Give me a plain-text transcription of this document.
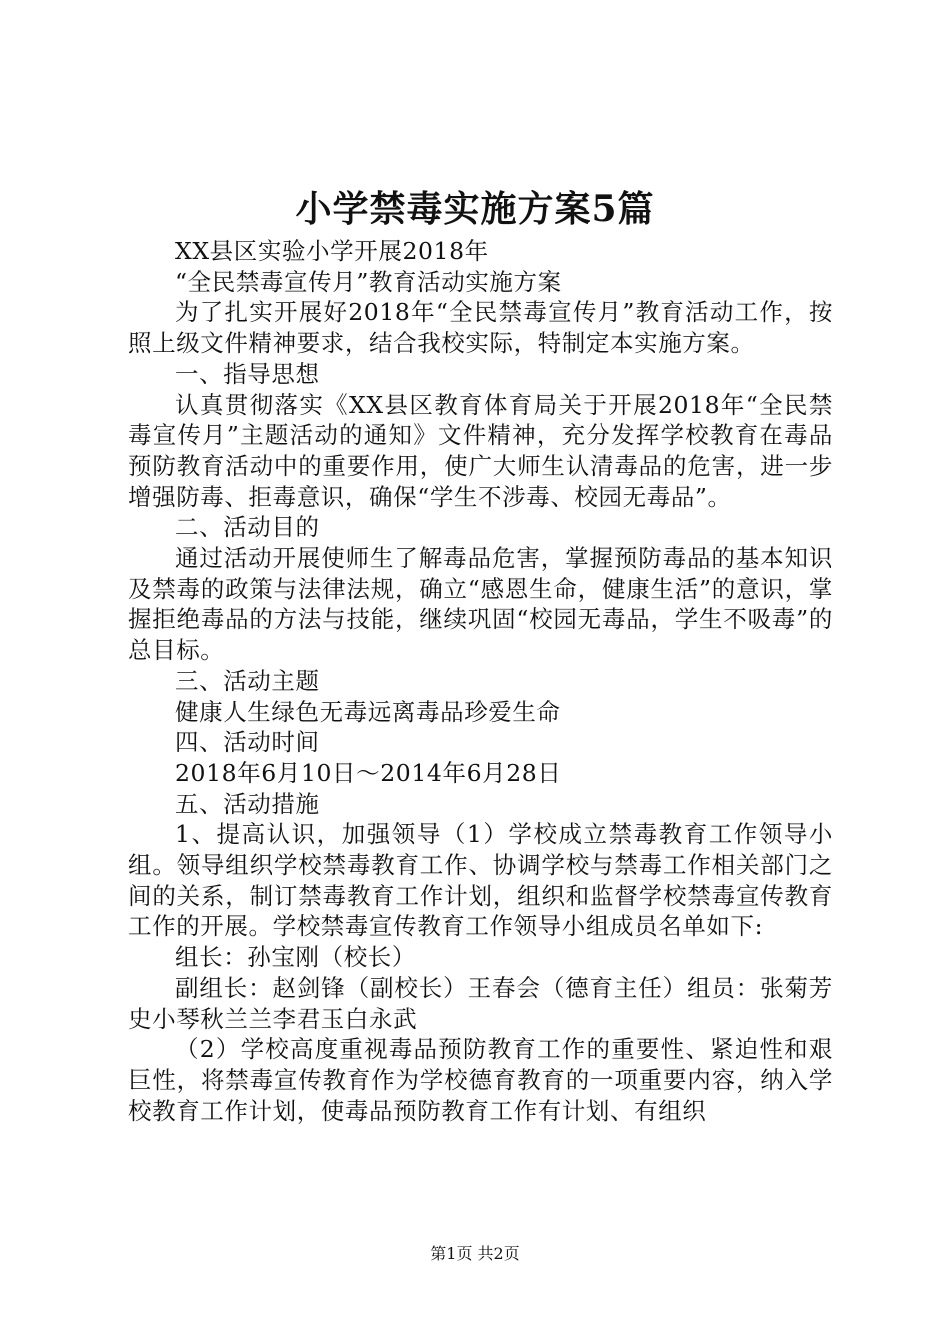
小学禁毒实施方案5篇

XX县区实验小学开展2018年

“全民禁毒宣传月”教育活动实施方案

为了扎实开展好2018年“全民禁毒宣传月”教育活动工作，按照上级文件精神要求，结合我校实际，特制定本实施方案。

一、指导思想

认真贯彻落实《XX县区教育体育局关于开展2018年“全民禁毒宣传月”主题活动的通知》文件精神，充分发挥学校教育在毒品预防教育活动中的重要作用，使广大师生认清毒品的危害，进一步增强防毒、拒毒意识，确保“学生不涉毒、校园无毒品”。

二、活动目的

通过活动开展使师生了解毒品危害，掌握预防毒品的基本知识及禁毒的政策与法律法规，确立“感恩生命，健康生活”的意识，掌握拒绝毒品的方法与技能，继续巩固“校园无毒品，学生不吸毒”的总目标。

三、活动主题

健康人生绿色无毒远离毒品珍爱生命

四、活动时间

2018年6月10日～2014年6月28日

五、活动措施

1、提高认识，加强领导（1）学校成立禁毒教育工作领导小组。领导组织学校禁毒教育工作、协调学校与禁毒工作相关部门之间的关系，制订禁毒教育工作计划，组织和监督学校禁毒宣传教育工作的开展。学校禁毒宣传教育工作领导小组成员名单如下:

组长：孙宝刚（校长）

副组长：赵剑锋（副校长）王春会（德育主任）组员：张菊芳史小琴秋兰兰李君玉白永武

（2）学校高度重视毒品预防教育工作的重要性、紧迫性和艰巨性，将禁毒宣传教育作为学校德育教育的一项重要内容，纳入学校教育工作计划，使毒品预防教育工作有计划、有组织

第1页 共2页
